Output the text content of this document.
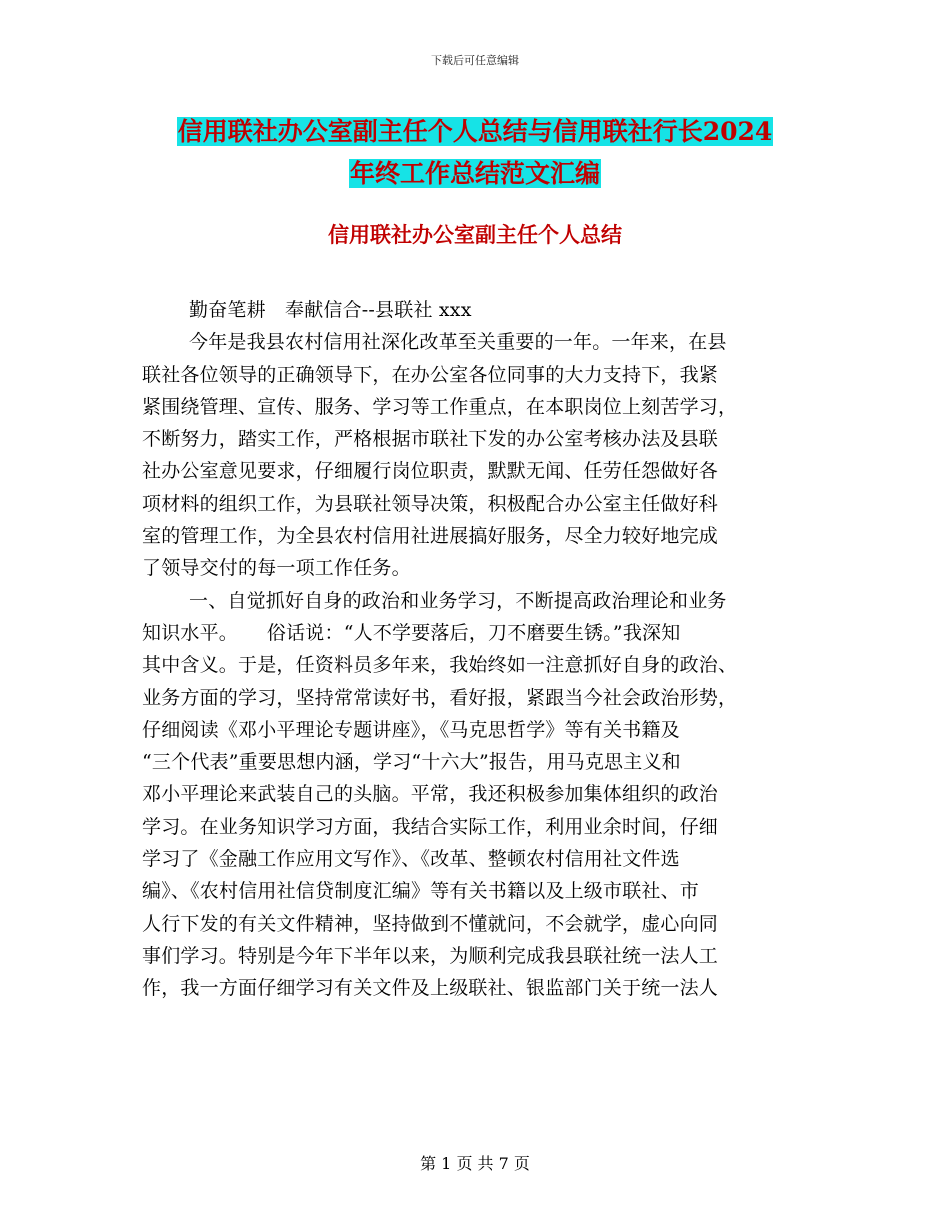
下载后可任意编辑
信用联社办公室副主任个人总结与信用联社行长2024
年终工作总结范文汇编
信用联社办公室副主任个人总结
勤奋笔耕　奉献信合--县联社 xxx
今年是我县农村信用社深化改革至关重要的一年。一年来，在县
联社各位领导的正确领导下，在办公室各位同事的大力支持下，我紧
紧围绕管理、宣传、服务、学习等工作重点，在本职岗位上刻苦学习，
不断努力，踏实工作，严格根据市联社下发的办公室考核办法及县联
社办公室意见要求，仔细履行岗位职责，默默无闻、任劳任怨做好各
项材料的组织工作，为县联社领导决策，积极配合办公室主任做好科
室的管理工作，为全县农村信用社进展搞好服务，尽全力较好地完成
了领导交付的每一项工作任务。
一、自觉抓好自身的政治和业务学习，不断提高政治理论和业务
知识水平。　　俗话说：“人不学要落后，刀不磨要生锈。”我深知
其中含义。于是，任资料员多年来，我始终如一注意抓好自身的政治、
业务方面的学习，坚持常常读好书，看好报，紧跟当今社会政治形势，
仔细阅读《邓小平理论专题讲座》，《马克思哲学》等有关书籍及
“三个代表”重要思想内涵，学习“十六大”报告，用马克思主义和
邓小平理论来武装自己的头脑。平常，我还积极参加集体组织的政治
学习。在业务知识学习方面，我结合实际工作，利用业余时间，仔细
学习了《金融工作应用文写作》、《改革、整顿农村信用社文件选
编》、《农村信用社信贷制度汇编》等有关书籍以及上级市联社、市
人行下发的有关文件精神，坚持做到不懂就问，不会就学，虚心向同
事们学习。特别是今年下半年以来，为顺利完成我县联社统一法人工
作，我一方面仔细学习有关文件及上级联社、银监部门关于统一法人
第 1 页 共 7 页
